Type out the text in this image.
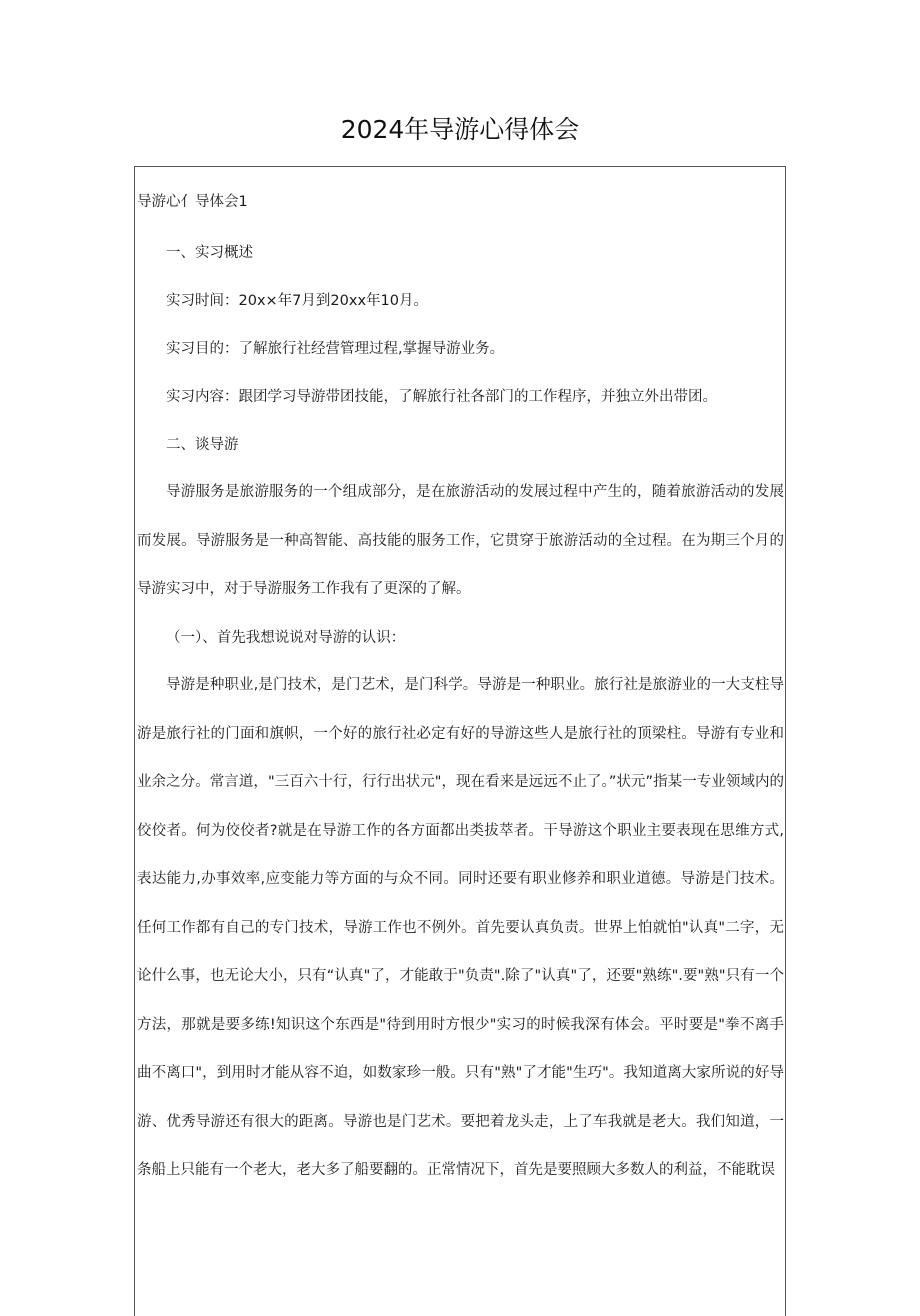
2024年导游心得体会
导游心亻导体会1
一、实习概述
实习时间：20x×年7月到20xx年10月。
实习目的：了解旅行社经营管理过程,掌握导游业务。
实习内容：跟团学习导游带团技能，了解旅行社各部门的工作程序，并独立外出带团。
二、谈导游

导游服务是旅游服务的一个组成部分，是在旅游活动的发展过程中产生的，随着旅游活动的发展而发展。导游服务是一种高智能、高技能的服务工作，它贯穿于旅游活动的全过程。在为期三个月的导游实习中，对于导游服务工作我有了更深的了解。

（一）、首先我想说说对导游的认识：

导游是种职业,是门技术，是门艺术，是门科学。导游是一种职业。旅行社是旅游业的一大支柱导游是旅行社的门面和旗帜，一个好的旅行社必定有好的导游这些人是旅行社的顶梁柱。导游有专业和业余之分。常言道，"三百六十行，行行出状元"，现在看来是远远不止了。”状元”指某一专业领域内的佼佼者。何为佼佼者?就是在导游工作的各方面都出类拔萃者。干导游这个职业主要表现在思维方式,表达能力,办事效率,应变能力等方面的与众不同。同时还要有职业修养和职业道德。导游是门技术。任何工作都有自己的专门技术，导游工作也不例外。首先要认真负责。世界上怕就怕"认真"二字，无论什么事，也无论大小，只有“认真"了，才能敢于"负责".除了"认真"了，还要"熟练".要"熟"只有一个方法，那就是要多练!知识这个东西是"待到用时方恨少"实习的时候我深有体会。平时要是"拳不离手曲不离口"，到用时才能从容不迫，如数家珍一般。只有"熟"了才能"生巧"。我知道离大家所说的好导游、优秀导游还有很大的距离。导游也是门艺术。要把着龙头走，上了车我就是老大。我们知道，一条船上只能有一个老大，老大多了船要翻的。正常情况下，首先是要照顾大多数人的利益，不能耽误
